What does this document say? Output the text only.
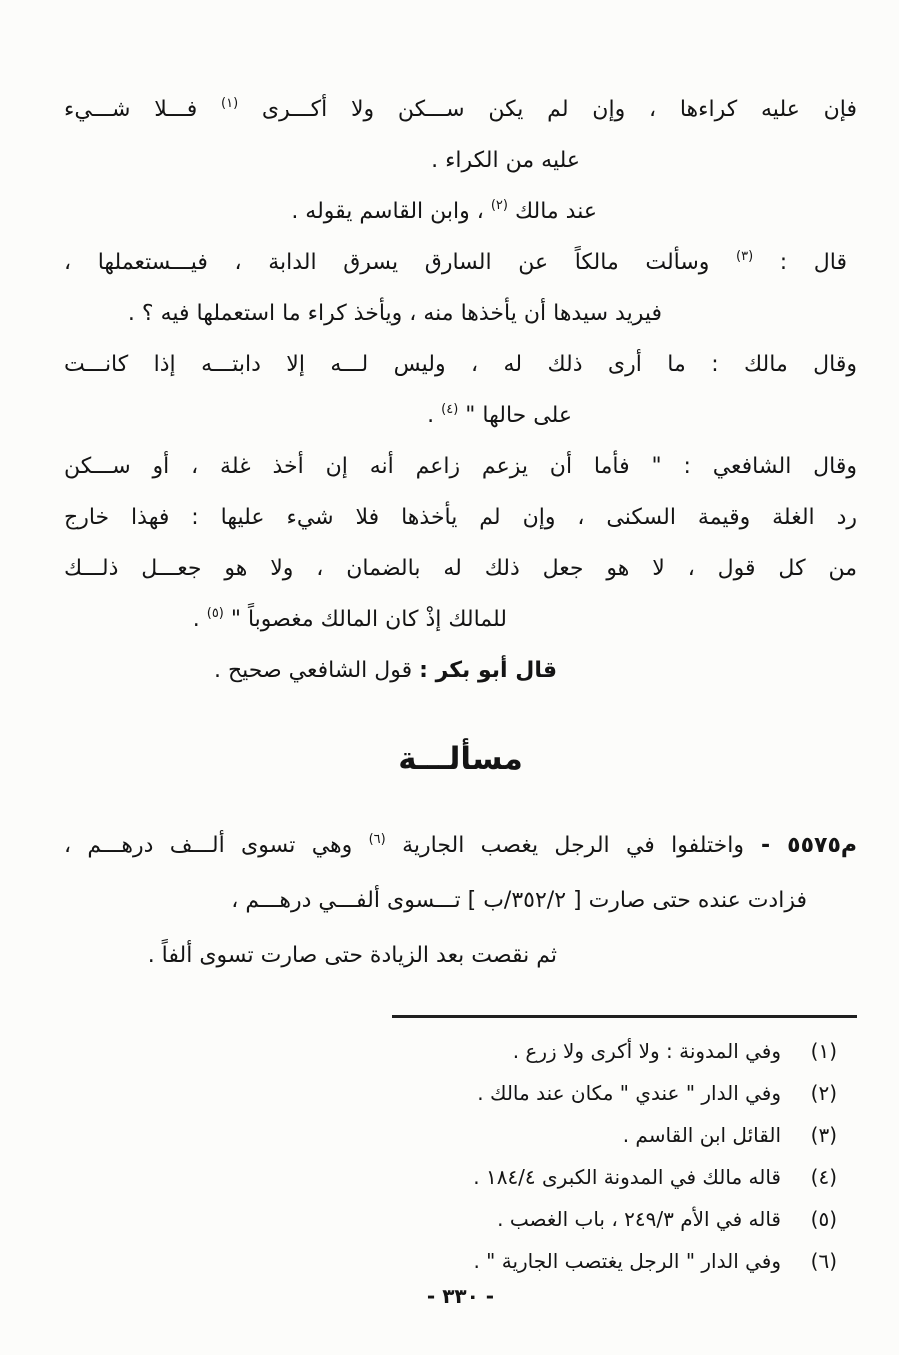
فإن عليه كراءها ، وإن لم يكن ســـكن ولا أكـــرى $^{(١)}$ فـــلا شـــيء
عليه من الكراء .
عند مالك $^{(٢)}$ ، وابن القاسم يقوله .
قال : $^{(٣)}$ وسألت مالكاً عن السارق يسرق الدابة ، فيـــستعملها ،
فيريد سيدها أن يأخذها منه ، ويأخذ كراء ما استعملها فيه ؟ .
وقال مالك : ما أرى ذلك له ، وليس لـــه إلا دابتـــه إذا كانـــت
على حالها " $^{(٤)}$ .
وقال الشافعي : " فأما أن يزعم زاعم أنه إن أخذ غلة ، أو ســـكن
رد الغلة وقيمة السكنى ، وإن لم يأخذها فلا شيء عليها : فهذا خارج
من كل قول ، لا هو جعل ذلك له بالضمان ، ولا هو جعـــل ذلـــك
للمالك إذْ كان المالك مغصوباً " $^{(٥)}$ .
قال أبو بكر : قول الشافعي صحيح .
مسألـــة
م٥٥٧٥ - واختلفوا في الرجل يغصب الجارية $^{(٦)}$ وهي تسوى ألـــف درهـــم ،
فزادت عنده حتى صارت [ ٣٥٢/٢/ب ] تـــسوى ألفـــي درهـــم ،
ثم نقصت بعد الزيادة حتى صارت تسوى ألفاً .
(١)
وفي المدونة : ولا أكرى ولا زرع .
(٢)
وفي الدار " عندي " مكان عند مالك .
(٣)
القائل ابن القاسم .
(٤)
قاله مالك في المدونة الكبرى ١٨٤/٤ .
(٥)
قاله في الأم ٢٤٩/٣ ، باب الغصب .
(٦)
وفي الدار " الرجل يغتصب الجارية " .
- ٣٣٠ -
